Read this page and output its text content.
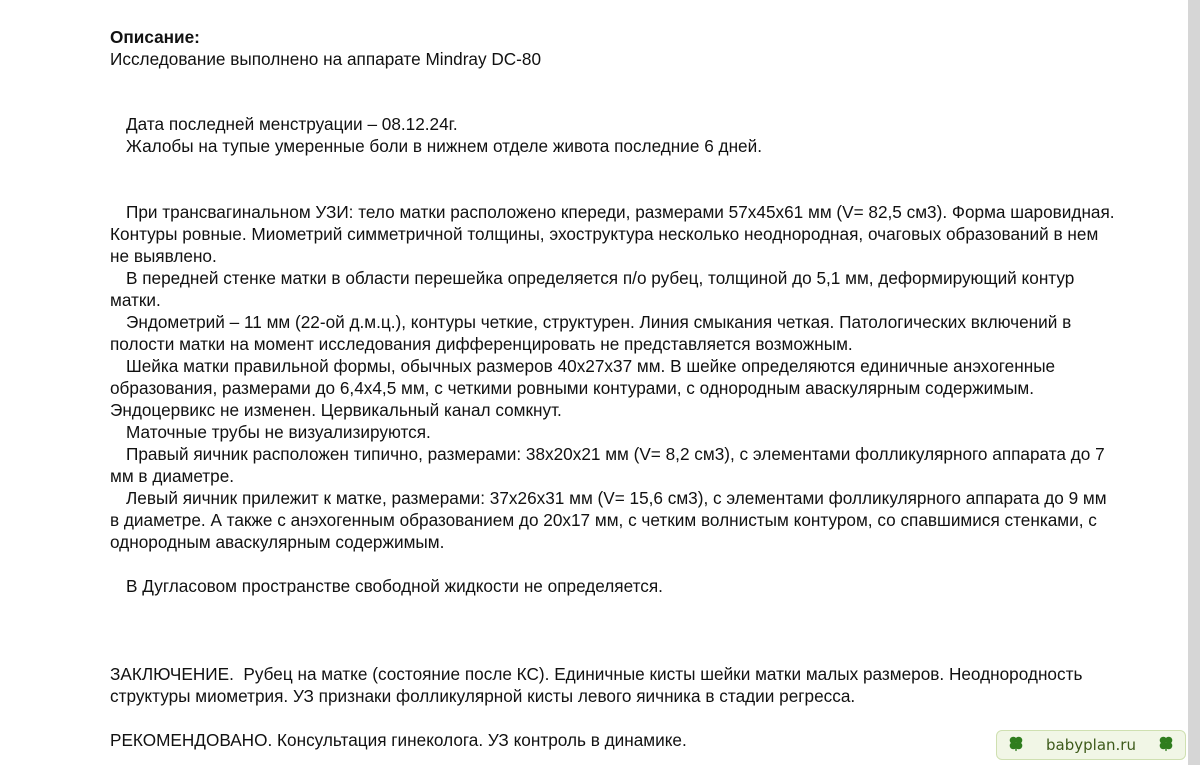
Описание:

Исследование выполнено на аппарате Mindray DC-80

Дата последней менструации – 08.12.24г.

Жалобы на тупые умеренные боли в нижнем отделе живота последние 6 дней.

При трансвагинальном УЗИ: тело матки расположено кпереди, размерами 57х45х61 мм (V= 82,5 см3). Форма шаровидная. Контуры ровные. Миометрий симметричной толщины, эхоструктура несколько неоднородная, очаговых образований в нем не выявлено.

В передней стенке матки в области перешейка определяется п/о рубец, толщиной до 5,1 мм, деформирующий контур матки.

Эндометрий – 11 мм (22-ой д.м.ц.), контуры четкие, структурен. Линия смыкания четкая. Патологических включений в полости матки на момент исследования дифференцировать не представляется возможным.

Шейка матки правильной формы, обычных размеров 40х27х37 мм. В шейке определяются единичные анэхогенные образования, размерами до 6,4х4,5 мм, с четкими ровными контурами, с однородным аваскулярным содержимым. Эндоцервикс не изменен. Цервикальный канал сомкнут.

Маточные трубы не визуализируются.

Правый яичник расположен типично, размерами: 38х20х21 мм (V= 8,2 см3), с элементами фолликулярного аппарата до 7 мм в диаметре.

Левый яичник прилежит к матке, размерами: 37х26х31 мм (V= 15,6 см3), с элементами фолликулярного аппарата до 9 мм в диаметре. А также с анэхогенным образованием до 20х17 мм, с четким волнистым контуром, со спавшимися стенками, с однородным аваскулярным содержимым.

В Дугласовом пространстве свободной жидкости не определяется.

ЗАКЛЮЧЕНИЕ.  Рубец на матке (состояние после КС). Единичные кисты шейки матки малых размеров. Неоднородность структуры миометрия. УЗ признаки фолликулярной кисты левого яичника в стадии регресса.

РЕКОМЕНДОВАНО. Консультация гинеколога. УЗ контроль в динамике.	babyplan.ru
